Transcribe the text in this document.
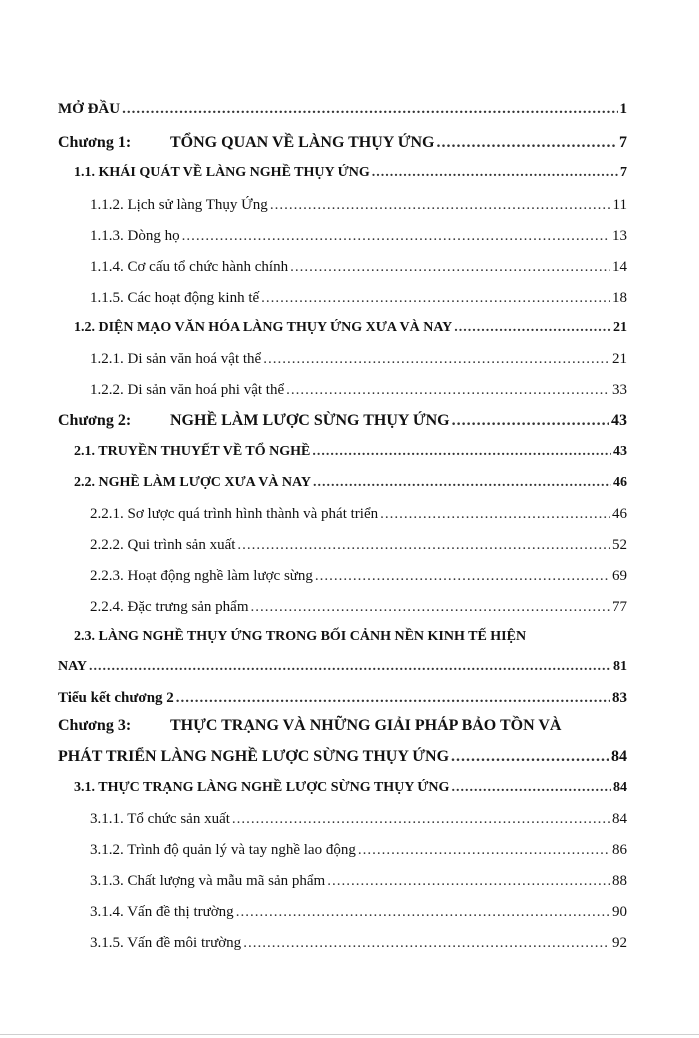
MỞ ĐẦU .....	1
Chương 1: TỔNG QUAN VỀ LÀNG THỤY ỨNG .....	7
1.1. KHÁI QUÁT VỀ LÀNG NGHỀ THỤY ỨNG .....	7
1.1.2. Lịch sử làng Thụy Ứng .....	11
1.1.3. Dòng họ .....	13
1.1.4. Cơ cấu tổ chức hành chính .....	14
1.1.5. Các hoạt động kinh tế .....	18
1.2. DIỆN MẠO VĂN HÓA LÀNG THỤY ỨNG XƯA VÀ NAY .....	21
1.2.1. Di sản văn hoá vật thể .....	21
1.2.2. Di sản văn hoá phi vật thể .....	33
Chương 2: NGHỀ LÀM LƯỢC SỪNG THỤY ỨNG .....	43
2.1. TRUYỀN THUYẾT VỀ TỔ NGHỀ .....	43
2.2. NGHỀ LÀM LƯỢC XƯA VÀ NAY .....	46
2.2.1. Sơ lược quá trình hình thành và phát triển .....	46
2.2.2. Qui trình sản xuất .....	52
2.2.3. Hoạt động nghề làm lược sừng .....	69
2.2.4. Đặc trưng sản phẩm .....	77
2.3. LÀNG NGHỀ THỤY ỨNG TRONG BỐI CẢNH NỀN KINH TẾ HIỆN
NAY .....	81
Tiểu kết chương 2 .....	83
Chương 3: THỰC TRẠNG VÀ NHỮNG GIẢI PHÁP BẢO TỒN VÀ
PHÁT TRIỂN LÀNG NGHỀ LƯỢC SỪNG THỤY ỨNG .....	84
3.1. THỰC TRẠNG LÀNG NGHỀ LƯỢC SỪNG THỤY ỨNG .....	84
3.1.1. Tổ chức sản xuất .....	84
3.1.2. Trình độ quản lý và tay nghề lao động .....	86
3.1.3. Chất lượng và mẫu mã sản phẩm .....	88
3.1.4. Vấn đề thị trường .....	90
3.1.5. Vấn đề môi trường .....	92
